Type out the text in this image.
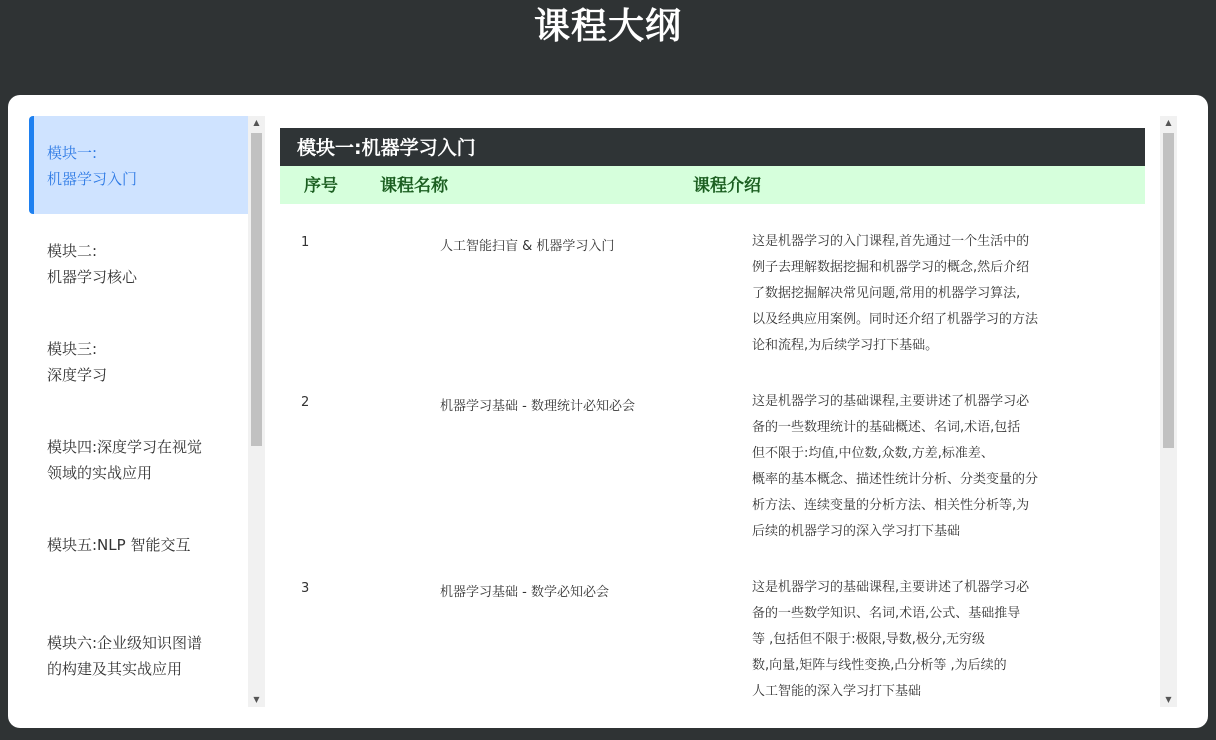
课程大纲
模块一:
机器学习入门
模块二:
机器学习核心
模块三:
深度学习
模块四:深度学习在视觉
领域的实战应用
模块五:NLP 智能交互
模块六:企业级知识图谱
的构建及其实战应用
▲
▼
模块一:机器学习入门
序号 课程名称	课程介绍
1	人工智能扫盲 & 机器学习入门	这是机器学习的入门课程,首先通过一个生活中的
例子去理解数据挖掘和机器学习的概念,然后介绍
了数据挖掘解决常见问题,常用的机器学习算法,
以及经典应用案例。同时还介绍了机器学习的方法
论和流程,为后续学习打下基础。
2	机器学习基础 - 数理统计必知必会	这是机器学习的基础课程,主要讲述了机器学习必
备的一些数理统计的基础概述、名词,术语,包括
但不限于:均值,中位数,众数,方差,标准差、
概率的基本概念、描述性统计分析、分类变量的分
析方法、连续变量的分析方法、相关性分析等,为
后续的机器学习的深入学习打下基础
3	机器学习基础 - 数学必知必会	这是机器学习的基础课程,主要讲述了机器学习必
备的一些数学知识、名词,术语,公式、基础推导
等 ,包括但不限于:极限,导数,极分,无穷级
数,向量,矩阵与线性变换,凸分析等 ,为后续的
人工智能的深入学习打下基础
▲
▼
